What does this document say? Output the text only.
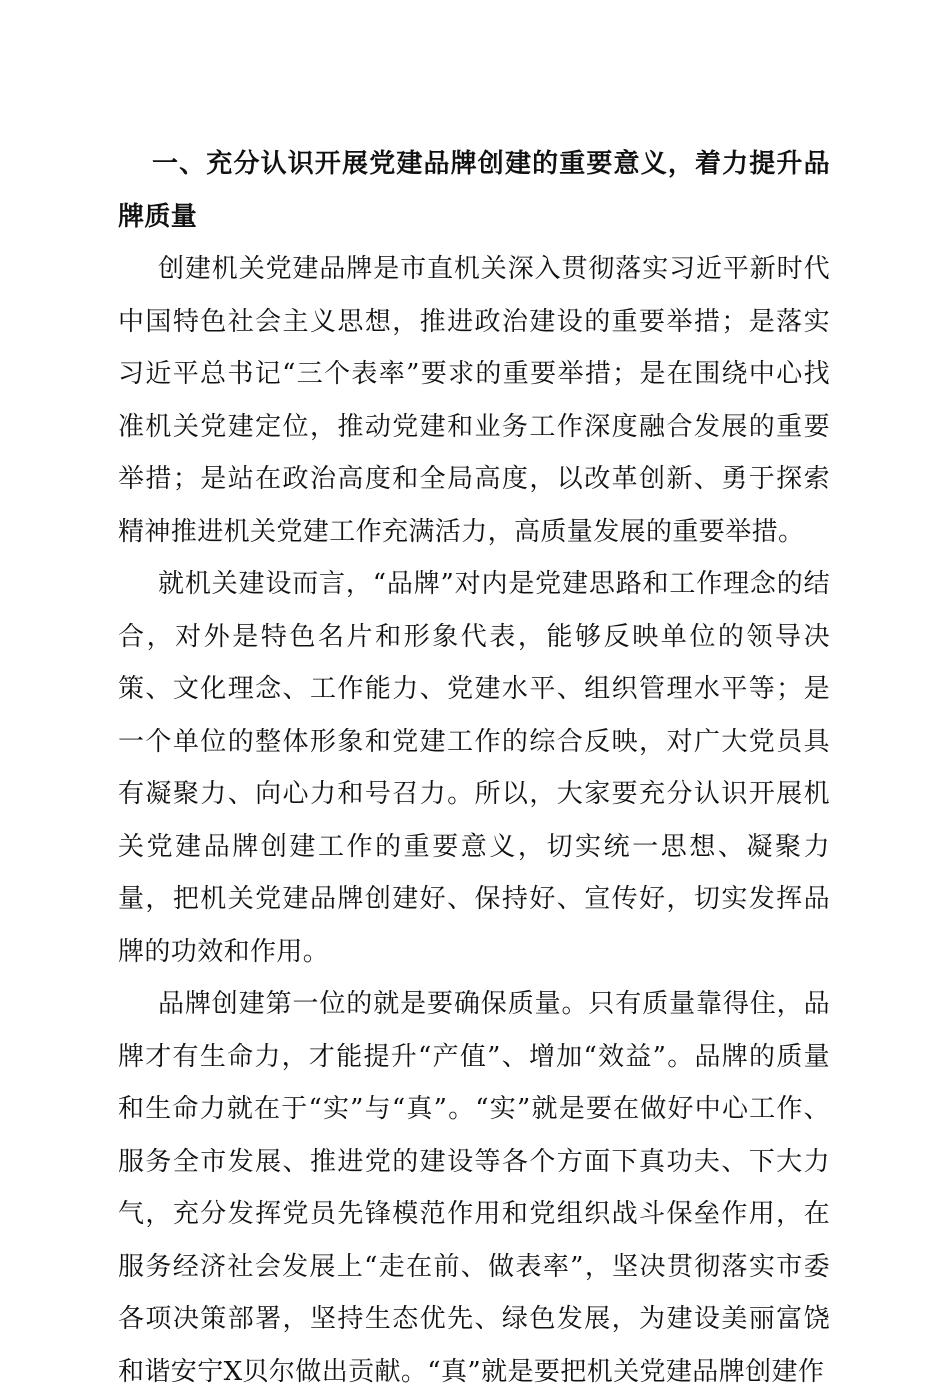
一、充分认识开展党建品牌创建的重要意义，着力提升品牌质量

创建机关党建品牌是市直机关深入贯彻落实习近平新时代中国特色社会主义思想，推进政治建设的重要举措；是落实习近平总书记“三个表率”要求的重要举措；是在围绕中心找准机关党建定位，推动党建和业务工作深度融合发展的重要举措；是站在政治高度和全局高度，以改革创新、勇于探索精神推进机关党建工作充满活力，高质量发展的重要举措。

就机关建设而言，“品牌”对内是党建思路和工作理念的结合，对外是特色名片和形象代表，能够反映单位的领导决策、文化理念、工作能力、党建水平、组织管理水平等；是一个单位的整体形象和党建工作的综合反映，对广大党员具有凝聚力、向心力和号召力。所以，大家要充分认识开展机关党建品牌创建工作的重要意义，切实统一思想、凝聚力量，把机关党建品牌创建好、保持好、宣传好，切实发挥品牌的功效和作用。

品牌创建第一位的就是要确保质量。只有质量靠得住，品牌才有生命力，才能提升“产值”、增加“效益”。品牌的质量和生命力就在于“实”与“真”。“实”就是要在做好中心工作、服务全市发展、推进党的建设等各个方面下真功夫、下大力气，充分发挥党员先锋模范作用和党组织战斗保垒作用，在服务经济社会发展上“走在前、做表率”，坚决贯彻落实市委各项决策部署，坚持生态优先、绿色发展，为建设美丽富饶和谐安宁X贝尔做出贡献。“真”就是要把机关党建品牌创建作
